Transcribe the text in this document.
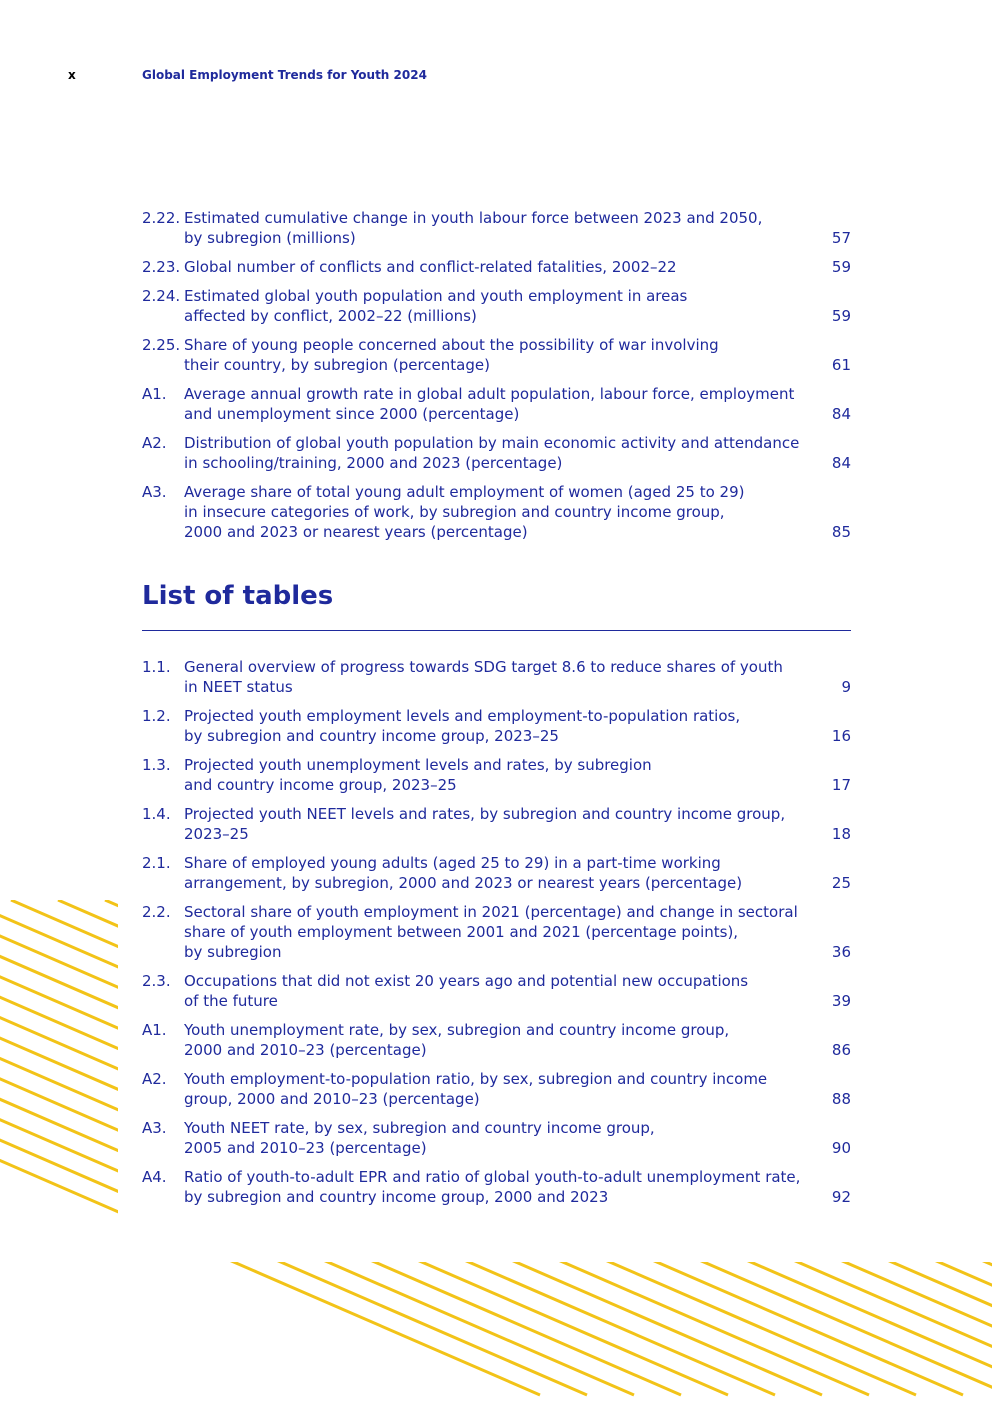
x	Global Employment Trends for Youth 2024
2.22. Estimated cumulative change in youth labour force between 2023 and 2050,
by subregion (millions)	57
2.23. Global number of conflicts and conflict-related fatalities, 2002–22	59
2.24. Estimated global youth population and youth employment in areas
affected by conflict, 2002–22 (millions)	59
2.25. Share of young people concerned about the possibility of war involving
their country, by subregion (percentage)	61
A1.	Average annual growth rate in global adult population, labour force, employment
and unemployment since 2000 (percentage)	84
A2.	Distribution of global youth population by main economic activity and attendance
in schooling/training, 2000 and 2023 (percentage)	84
A3.	Average share of total young adult employment of women (aged 25 to 29)
in insecure categories of work, by subregion and country income group,
2000 and 2023 or nearest years (percentage)	85
List of tables
1.1. General overview of progress towards SDG target 8.6 to reduce shares of youth
in NEET status	9
1.2. Projected youth employment levels and employment-to-population ratios,
by subregion and country income group, 2023–25	16
1.3. Projected youth unemployment levels and rates, by subregion
and country income group, 2023–25	17
1.4. Projected youth NEET levels and rates, by subregion and country income group,
2023–25	18
2.1. Share of employed young adults (aged 25 to 29) in a part-time working
arrangement, by subregion, 2000 and 2023 or nearest years (percentage)	25
2.2. Sectoral share of youth employment in 2021 (percentage) and change in sectoral
share of youth employment between 2001 and 2021 (percentage points),
by subregion	36
2.3. Occupations that did not exist 20 years ago and potential new occupations
of the future	39
A1.	Youth unemployment rate, by sex, subregion and country income group,
2000 and 2010–23 (percentage)	86
A2.	Youth employment-to-population ratio, by sex, subregion and country income
group, 2000 and 2010–23 (percentage)	88
A3.	Youth NEET rate, by sex, subregion and country income group,
2005 and 2010–23 (percentage)	90
A4.	Ratio of youth-to-adult EPR and ratio of global youth-to-adult unemployment rate,
by subregion and country income group, 2000 and 2023	92
